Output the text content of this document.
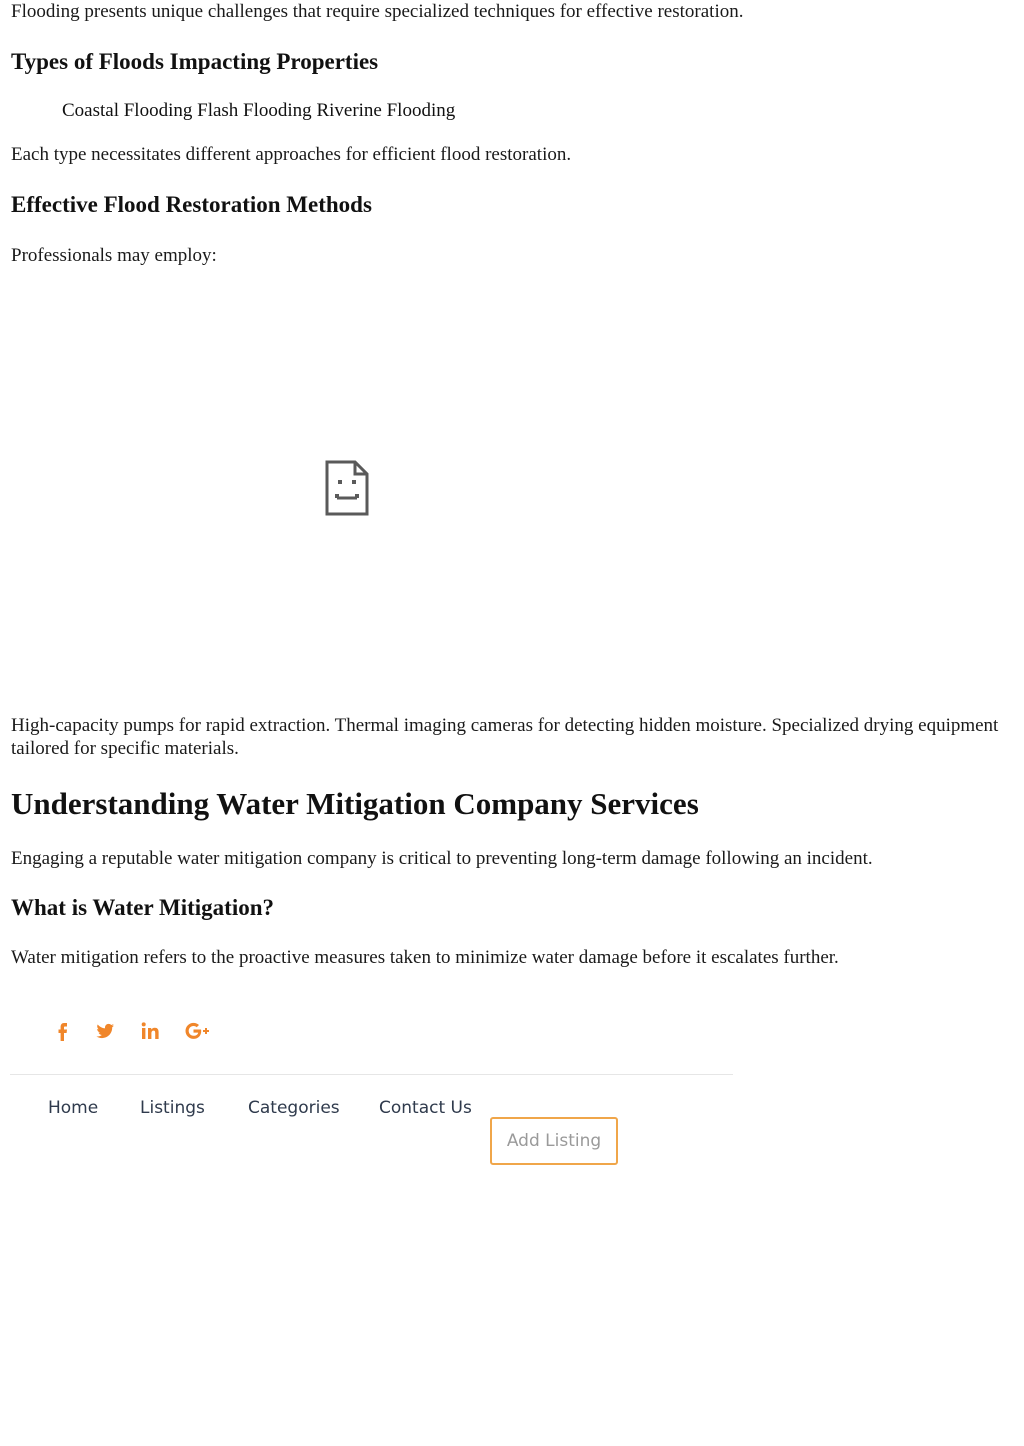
Flooding presents unique challenges that require specialized techniques for effective restoration.

Types of Floods Impacting Properties
Coastal Flooding Flash Flooding Riverine Flooding

Each type necessitates different approaches for efficient flood restoration.

Effective Flood Restoration Methods

Professionals may employ:

High-capacity pumps for rapid extraction. Thermal imaging cameras for detecting hidden moisture. Specialized drying equipment tailored for specific materials.

Understanding Water Mitigation Company Services

Engaging a reputable water mitigation company is critical to preventing long-term damage following an incident.

What is Water Mitigation?

Water mitigation refers to the proactive measures taken to minimize water damage before it escalates further.

Home Listings	Categories Contact Us
Add Listing
